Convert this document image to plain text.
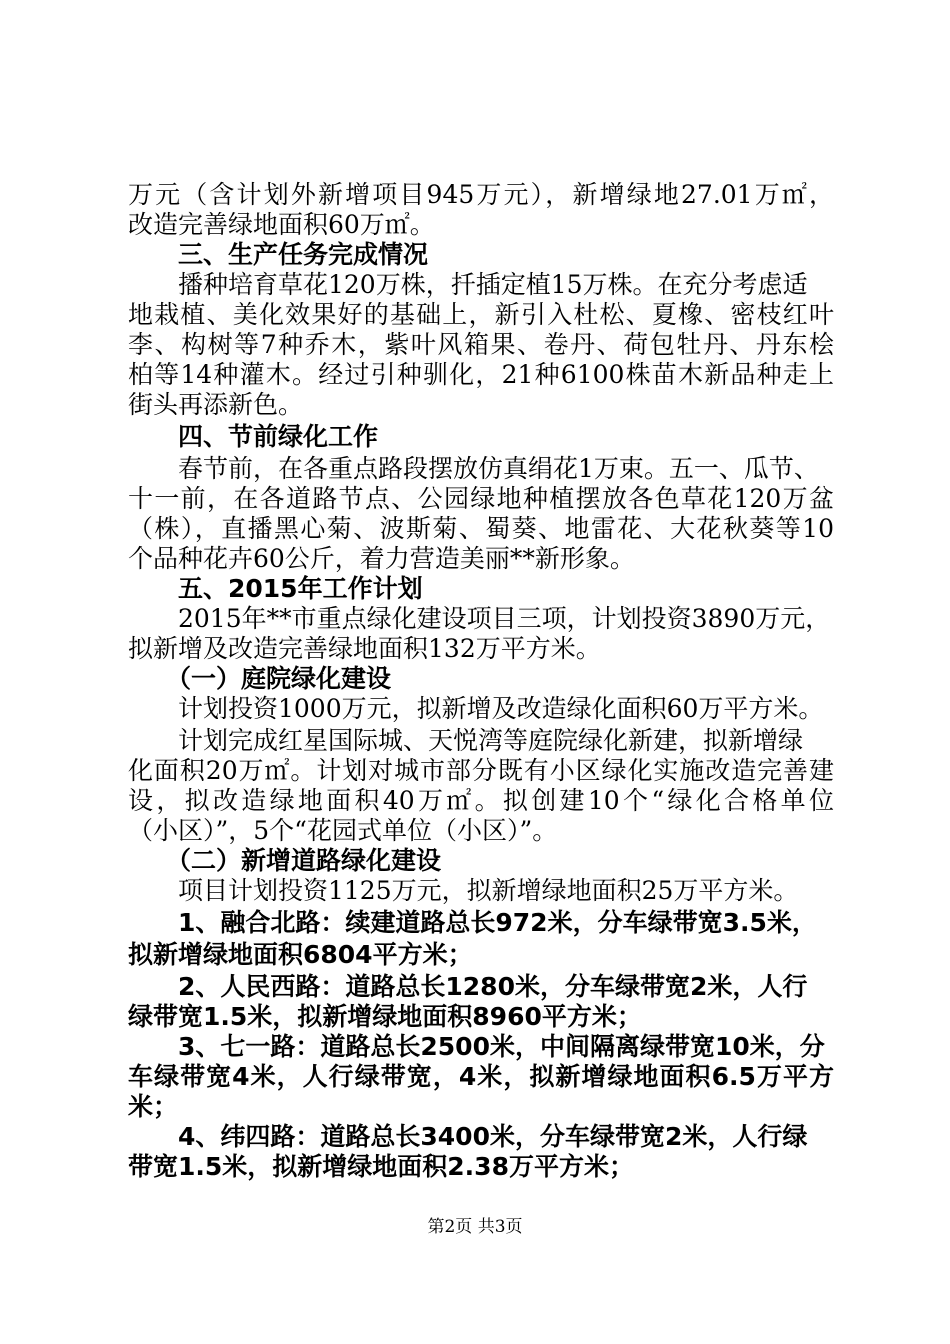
万元（含计划外新增项目945万元），新增绿地27.01万㎡，
改造完善绿地面积60万㎡。
三、生产任务完成情况
播种培育草花120万株，扦插定植15万株。在充分考虑适
地栽植、美化效果好的基础上，新引入杜松、夏橡、密枝红叶
李、构树等7种乔木，紫叶风箱果、卷丹、荷包牡丹、丹东桧
柏等14种灌木。经过引种驯化，21种6100株苗木新品种走上
街头再添新色。
四、节前绿化工作
春节前，在各重点路段摆放仿真绢花1万束。五一、瓜节、
十一前，在各道路节点、公园绿地种植摆放各色草花120万盆
（株），直播黑心菊、波斯菊、蜀葵、地雷花、大花秋葵等10
个品种花卉60公斤，着力营造美丽**新形象。
五、2015年工作计划
2015年**市重点绿化建设项目三项，计划投资3890万元，
拟新增及改造完善绿地面积132万平方米。
（一）庭院绿化建设
计划投资1000万元，拟新增及改造绿化面积60万平方米。
计划完成红星国际城、天悦湾等庭院绿化新建，拟新增绿
化面积20万㎡。计划对城市部分既有小区绿化实施改造完善建
设，拟改造绿地面积40万㎡。拟创建10个“绿化合格单位
（小区）”，5个“花园式单位（小区）”。
（二）新增道路绿化建设
项目计划投资1125万元，拟新增绿地面积25万平方米。
1、融合北路：续建道路总长972米，分车绿带宽3.5米，
拟新增绿地面积6804平方米；
2、人民西路：道路总长1280米，分车绿带宽2米，人行
绿带宽1.5米，拟新增绿地面积8960平方米；
3、七一路：道路总长2500米，中间隔离绿带宽10米，分
车绿带宽4米，人行绿带宽，4米，拟新增绿地面积6.5万平方
米；
4、纬四路：道路总长3400米，分车绿带宽2米，人行绿
带宽1.5米，拟新增绿地面积2.38万平方米；
第2页 共3页
